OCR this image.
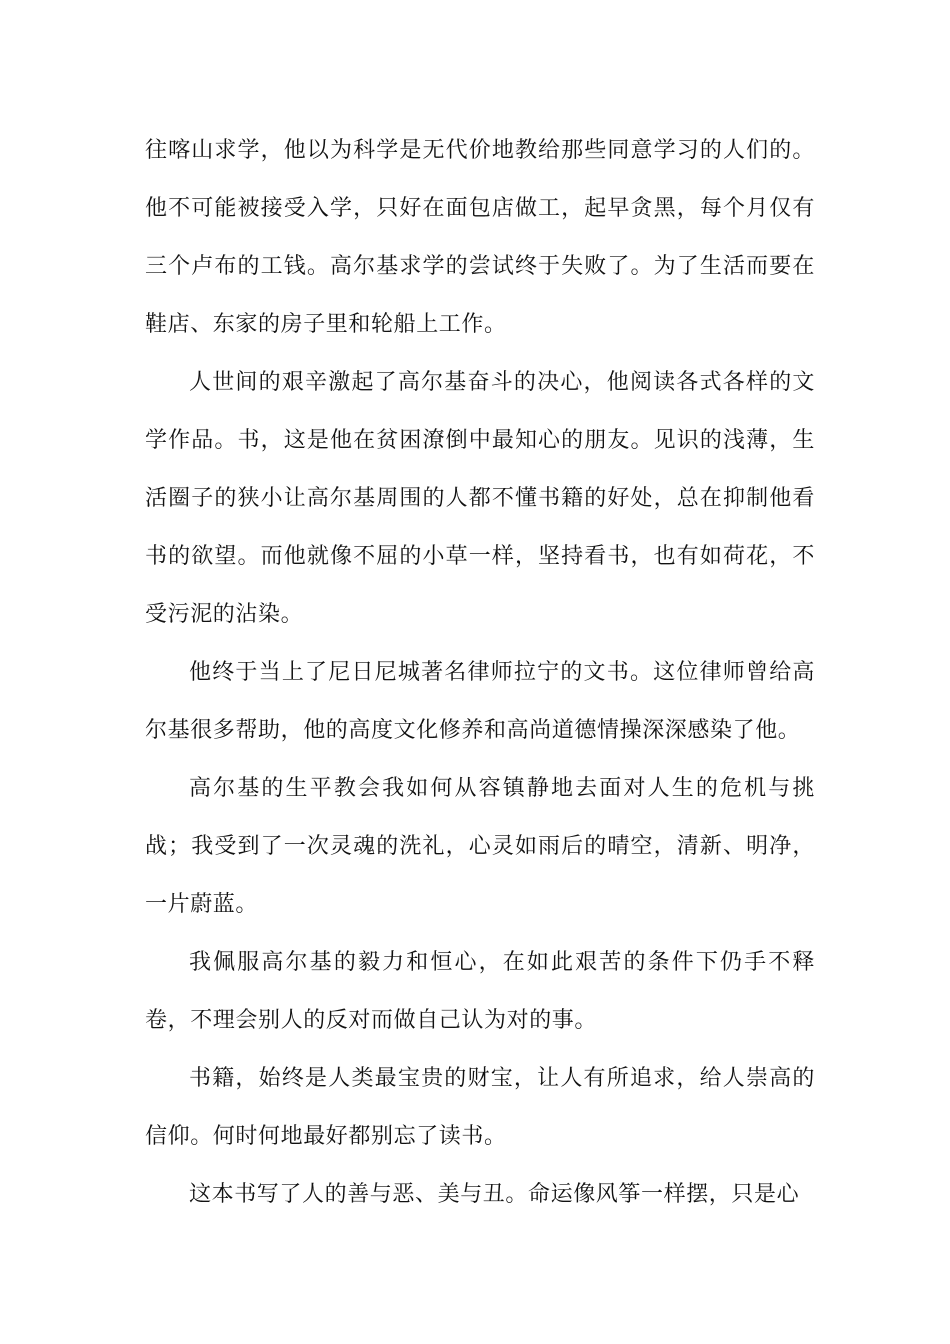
往喀山求学，他以为科学是无代价地教给那些同意学习的人们的。他不可能被接受入学，只好在面包店做工，起早贪黑，每个月仅有三个卢布的工钱。高尔基求学的尝试终于失败了。为了生活而要在鞋店、东家的房子里和轮船上工作。

人世间的艰辛激起了高尔基奋斗的决心，他阅读各式各样的文学作品。书，这是他在贫困潦倒中最知心的朋友。见识的浅薄，生活圈子的狭小让高尔基周围的人都不懂书籍的好处，总在抑制他看书的欲望。而他就像不屈的小草一样，坚持看书，也有如荷花，不受污泥的沾染。

他终于当上了尼日尼城著名律师拉宁的文书。这位律师曾给高尔基很多帮助，他的高度文化修养和高尚道德情操深深感染了他。

高尔基的生平教会我如何从容镇静地去面对人生的危机与挑战；我受到了一次灵魂的洗礼，心灵如雨后的晴空，清新、明净，一片蔚蓝。

我佩服高尔基的毅力和恒心，在如此艰苦的条件下仍手不释卷，不理会别人的反对而做自己认为对的事。

书籍，始终是人类最宝贵的财宝，让人有所追求，给人崇高的信仰。何时何地最好都别忘了读书。

这本书写了人的善与恶、美与丑。命运像风筝一样摆，只是心
